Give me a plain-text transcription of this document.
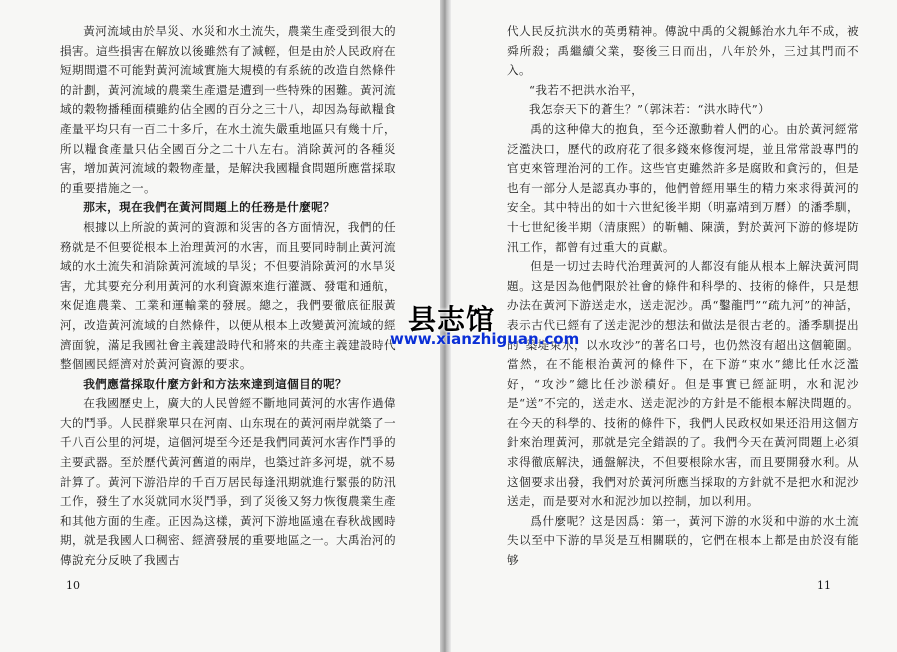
黃河流域由於旱災、水災和水土流失，農業生產受到很大的損害。這些損害在解放以後雖然有了減輕，但是由於人民政府在短期間還不可能對黃河流域實施大規模的有系統的改造自然條件的計劃，黃河流域的農業生產還是遭到一些特殊的困難。黃河流域的穀物播種面積雖約佔全國的百分之三十八，却因為每畝糧食產量平均只有一百二十多斤，在水土流失嚴重地區只有幾十斤，所以糧食產量只佔全國百分之二十八左右。消除黃河的各種災害，增加黃河流域的穀物產量，是解決我國糧食問題所應當採取的重要措施之一。

那末，現在我們在黃河問題上的任務是什麼呢？

根據以上所說的黃河的資源和災害的各方面情況，我們的任務就是不但要從根本上治理黃河的水害，而且要同時制止黃河流域的水土流失和消除黃河流域的旱災；不但要消除黃河的水旱災害，尤其要充分利用黃河的水利資源來進行灌溉、發電和通航，來促進農業、工業和運輸業的發展。總之，我們要徹底征服黃河，改造黃河流域的自然條件，以便从根本上改變黃河流域的經濟面貌，滿足我國社會主義建設時代和將來的共產主義建設時代整個國民經濟对於黃河資源的要求。

我們應當採取什麼方針和方法來達到這個目的呢？

在我國歷史上，廣大的人民曾經不斷地同黃河的水害作過偉大的鬥爭。人民群衆單只在河南、山东現在的黃河兩岸就築了一千八百公里的河堤，這個河堤至今还是我們同黃河水害作鬥爭的主要武器。至於歷代黃河舊道的兩岸，也築过許多河堤，就不易計算了。黃河下游沿岸的千百万居民每逢汛期就進行緊張的防汛工作，發生了水災就同水災鬥爭，到了災後又努力恢復農業生產和其他方面的生產。正因為这樣，黃河下游地區遠在春秋战國時期，就是我國人口稠密、經濟發展的重要地區之一。大禹治河的傳說充分反映了我國古

10

代人民反抗洪水的英勇精神。傳說中禹的父親鯀治水九年不成，被舜所殺；禹繼續父業，娶後三日而出，八年於外，三过其門而不入。

“我若不把洪水治平，

我怎奈天下的蒼生？”（郭沫若：“洪水時代”）

禹的这种偉大的抱負，至今还激動着人們的心。由於黃河經常泛濫決口，歷代的政府花了很多錢來修復河堤，並且常常設專門的官吏來管理治河的工作。这些官吏雖然許多是腐敗和貪污的，但是也有一部分人是認真办事的，他們曾經用畢生的精力來求得黃河的安全。其中特出的如十六世紀後半期（明嘉靖到万曆）的潘季馴，十七世紀後半期（清康熙）的靳輔、陳潢，對於黃河下游的修堤防汛工作，都曾有过重大的貢獻。

但是一切过去時代治理黃河的人都沒有能从根本上解決黃河問題。这是因為他們限於社會的條件和科學的、技術的條件，只是想办法在黃河下游送走水，送走泥沙。禹“鑿龍門”“疏九河”的神話，表示古代已經有了送走泥沙的想法和做法是很古老的。潘季馴提出的“築堤束水，以水攻沙”的著名口号，也仍然沒有超出这個範圍。當然，在不能根治黃河的條件下，在下游“束水”總比任水泛濫好，“攻沙”總比任沙淤積好。但是事實已經証明，水和泥沙是“送”不完的，送走水、送走泥沙的方針是不能根本解決問題的。在今天的科學的、技術的條件下，我們人民政权如果还沿用这個方針來治理黃河，那就是完全錯誤的了。我們今天在黃河問題上必須求得徹底解決，通盤解決，不但要根除水害，而且要開發水利。从这個要求出發，我們对於黃河所應当採取的方針就不是把水和泥沙送走，而是要对水和泥沙加以控制，加以利用。

爲什麼呢？这是因爲：第一，黃河下游的水災和中游的水土流失以至中下游的旱災是互相關联的，它們在根本上都是由於沒有能够

11
县志馆
www.xianzhiguan.com
